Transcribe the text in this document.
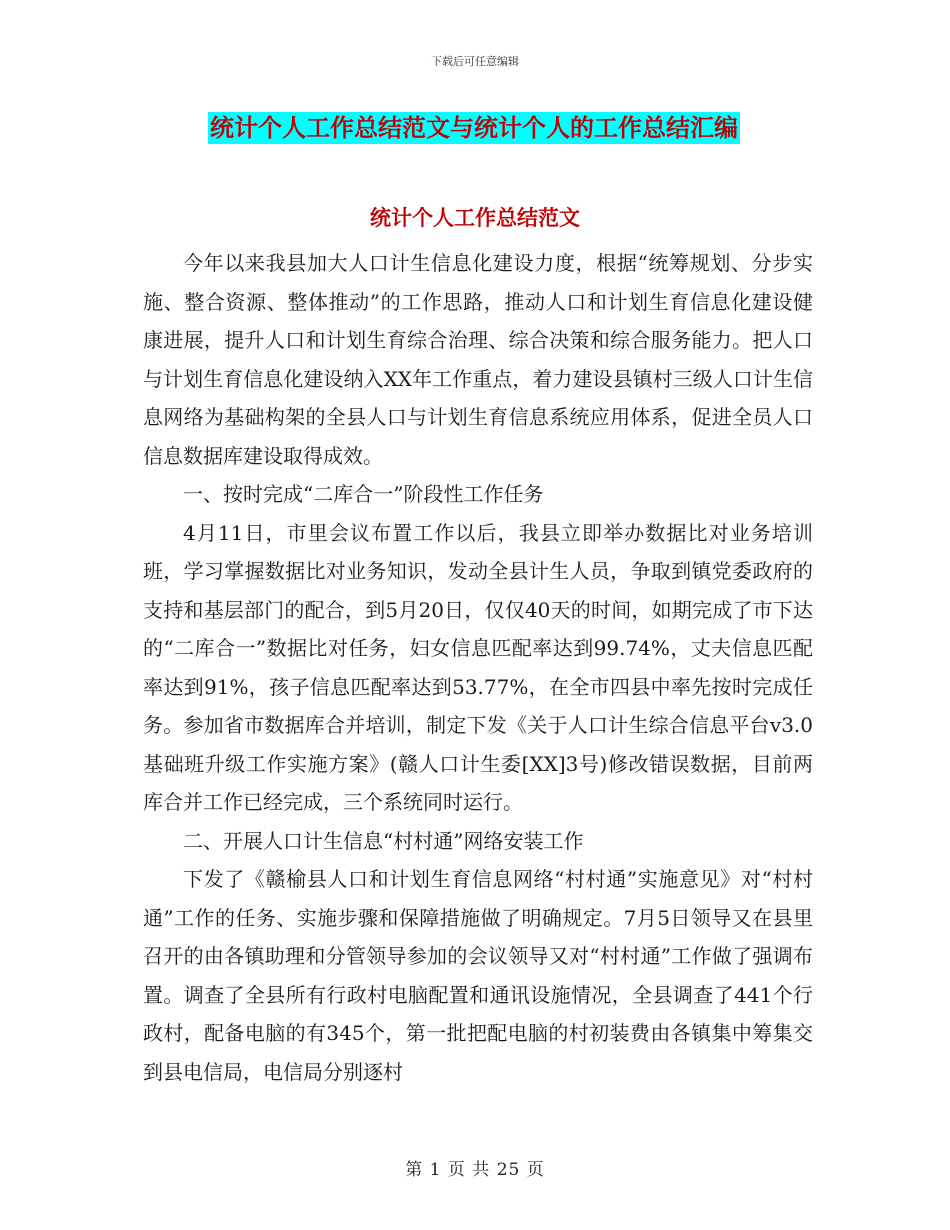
下载后可任意编辑
统计个人工作总结范文与统计个人的工作总结汇编
统计个人工作总结范文

今年以来我县加大人口计生信息化建设力度，根据“统筹规划、分步实施、整合资源、整体推动”的工作思路，推动人口和计划生育信息化建设健康进展，提升人口和计划生育综合治理、综合决策和综合服务能力。把人口与计划生育信息化建设纳入XX年工作重点，着力建设县镇村三级人口计生信息网络为基础构架的全县人口与计划生育信息系统应用体系，促进全员人口信息数据库建设取得成效。

一、按时完成“二库合一”阶段性工作任务

4月11日，市里会议布置工作以后，我县立即举办数据比对业务培训班，学习掌握数据比对业务知识，发动全县计生人员，争取到镇党委政府的支持和基层部门的配合，到5月20日，仅仅40天的时间，如期完成了市下达的“二库合一”数据比对任务，妇女信息匹配率达到99.74%，丈夫信息匹配率达到91%，孩子信息匹配率达到53.77%，在全市四县中率先按时完成任务。参加省市数据库合并培训，制定下发《关于人口计生综合信息平台v3.0基础班升级工作实施方案》(赣人口计生委[XX]3号)修改错误数据，目前两库合并工作已经完成，三个系统同时运行。

二、开展人口计生信息“村村通”网络安装工作

下发了《赣榆县人口和计划生育信息网络“村村通”实施意见》对“村村通”工作的任务、实施步骤和保障措施做了明确规定。7月5日领导又在县里召开的由各镇助理和分管领导参加的会议领导又对“村村通”工作做了强调布置。调查了全县所有行政村电脑配置和通讯设施情况，全县调查了441个行政村，配备电脑的有345个，第一批把配电脑的村初装费由各镇集中筹集交到县电信局，电信局分别逐村

第 1 页 共 25 页
